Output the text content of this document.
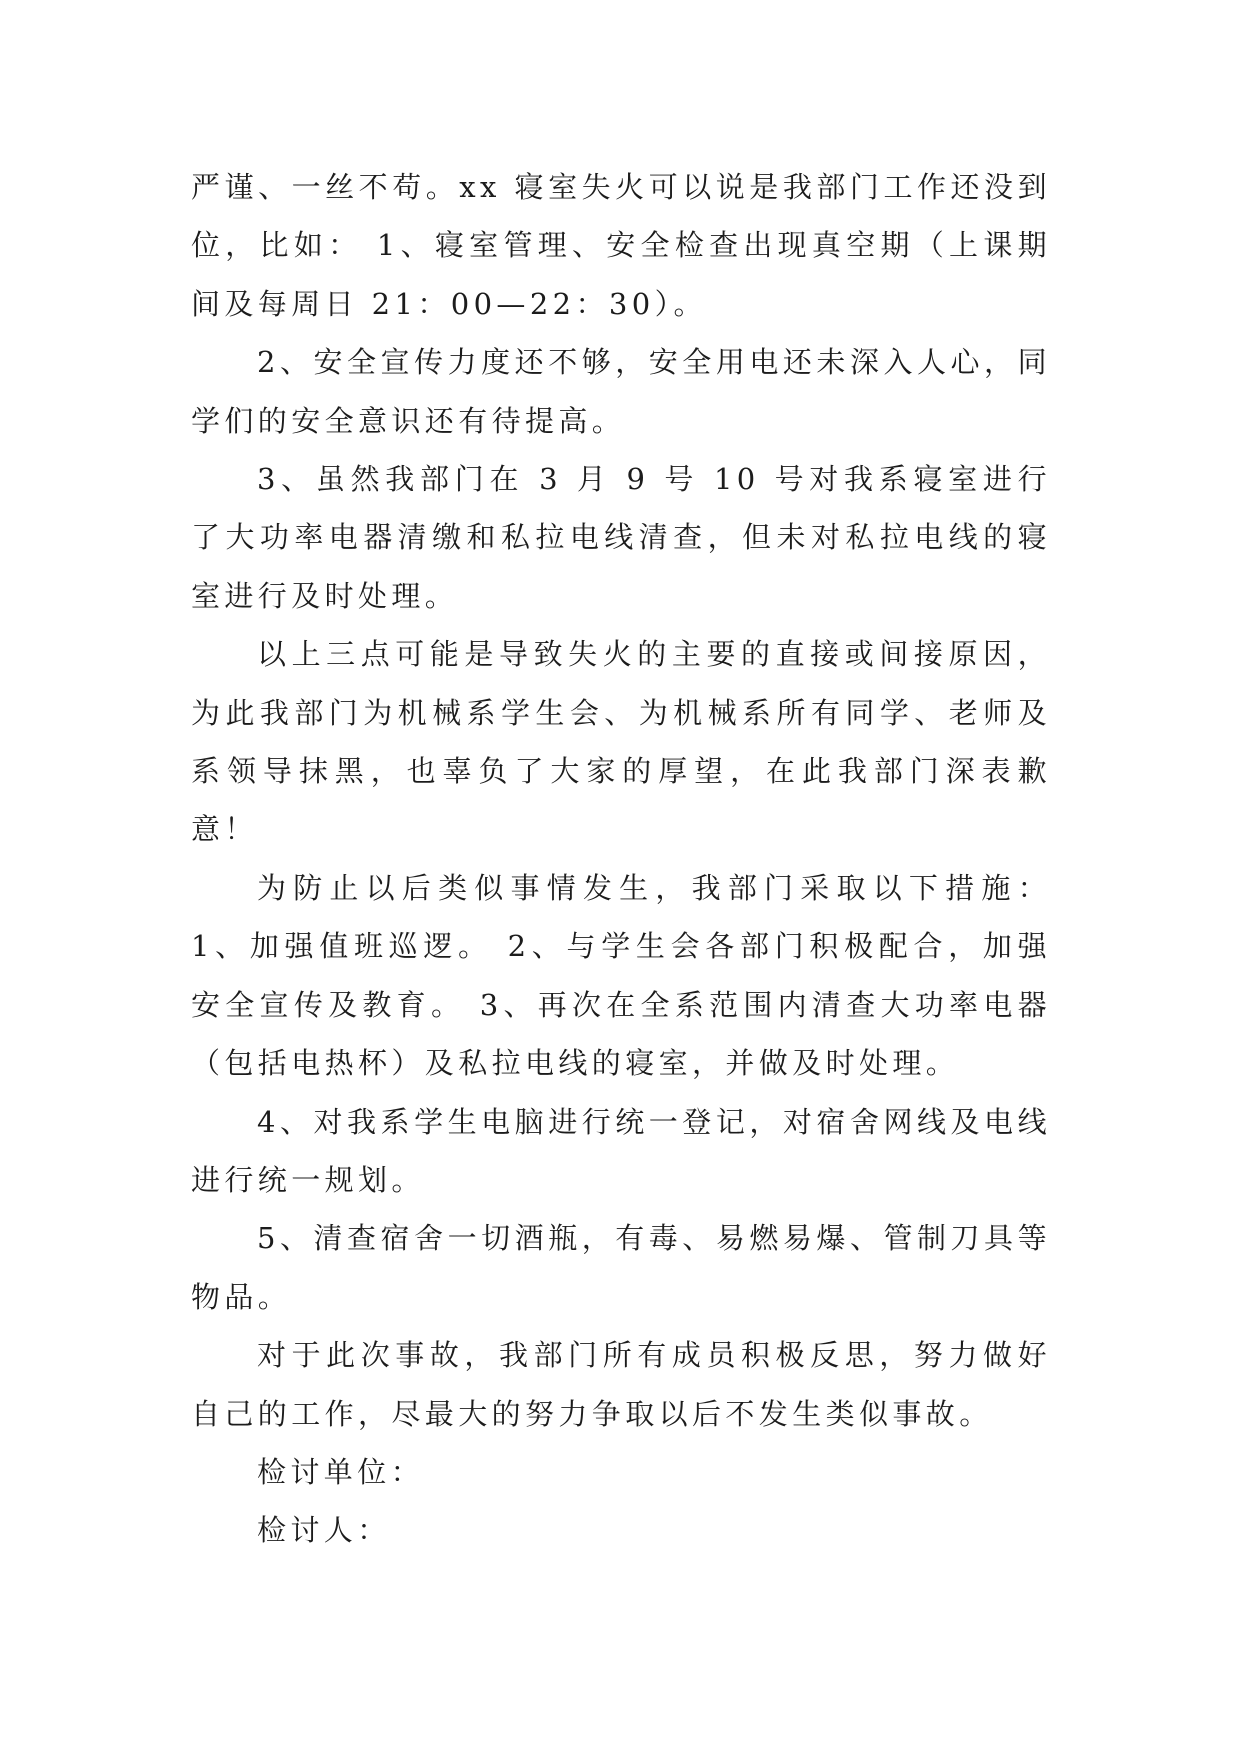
严谨、一丝不苟。xx 寝室失火可以说是我部门工作还没到位，比如： 1、寝室管理、安全检查出现真空期（上课期间及每周日 21：00—22：30）。

2、安全宣传力度还不够，安全用电还未深入人心，同学们的安全意识还有待提高。

3、虽然我部门在 3 月 9 号 10 号对我系寝室进行了大功率电器清缴和私拉电线清查，但未对私拉电线的寝室进行及时处理。

以上三点可能是导致失火的主要的直接或间接原因，为此我部门为机械系学生会、为机械系所有同学、老师及系领导抹黑，也辜负了大家的厚望，在此我部门深表歉意！

为防止以后类似事情发生，我部门采取以下措施： 1、加强值班巡逻。 2、与学生会各部门积极配合，加强安全宣传及教育。 3、再次在全系范围内清查大功率电器（包括电热杯）及私拉电线的寝室，并做及时处理。

4、对我系学生电脑进行统一登记，对宿舍网线及电线进行统一规划。

5、清查宿舍一切酒瓶，有毒、易燃易爆、管制刀具等物品。

对于此次事故，我部门所有成员积极反思，努力做好自己的工作，尽最大的努力争取以后不发生类似事故。

检讨单位：

检讨人：
